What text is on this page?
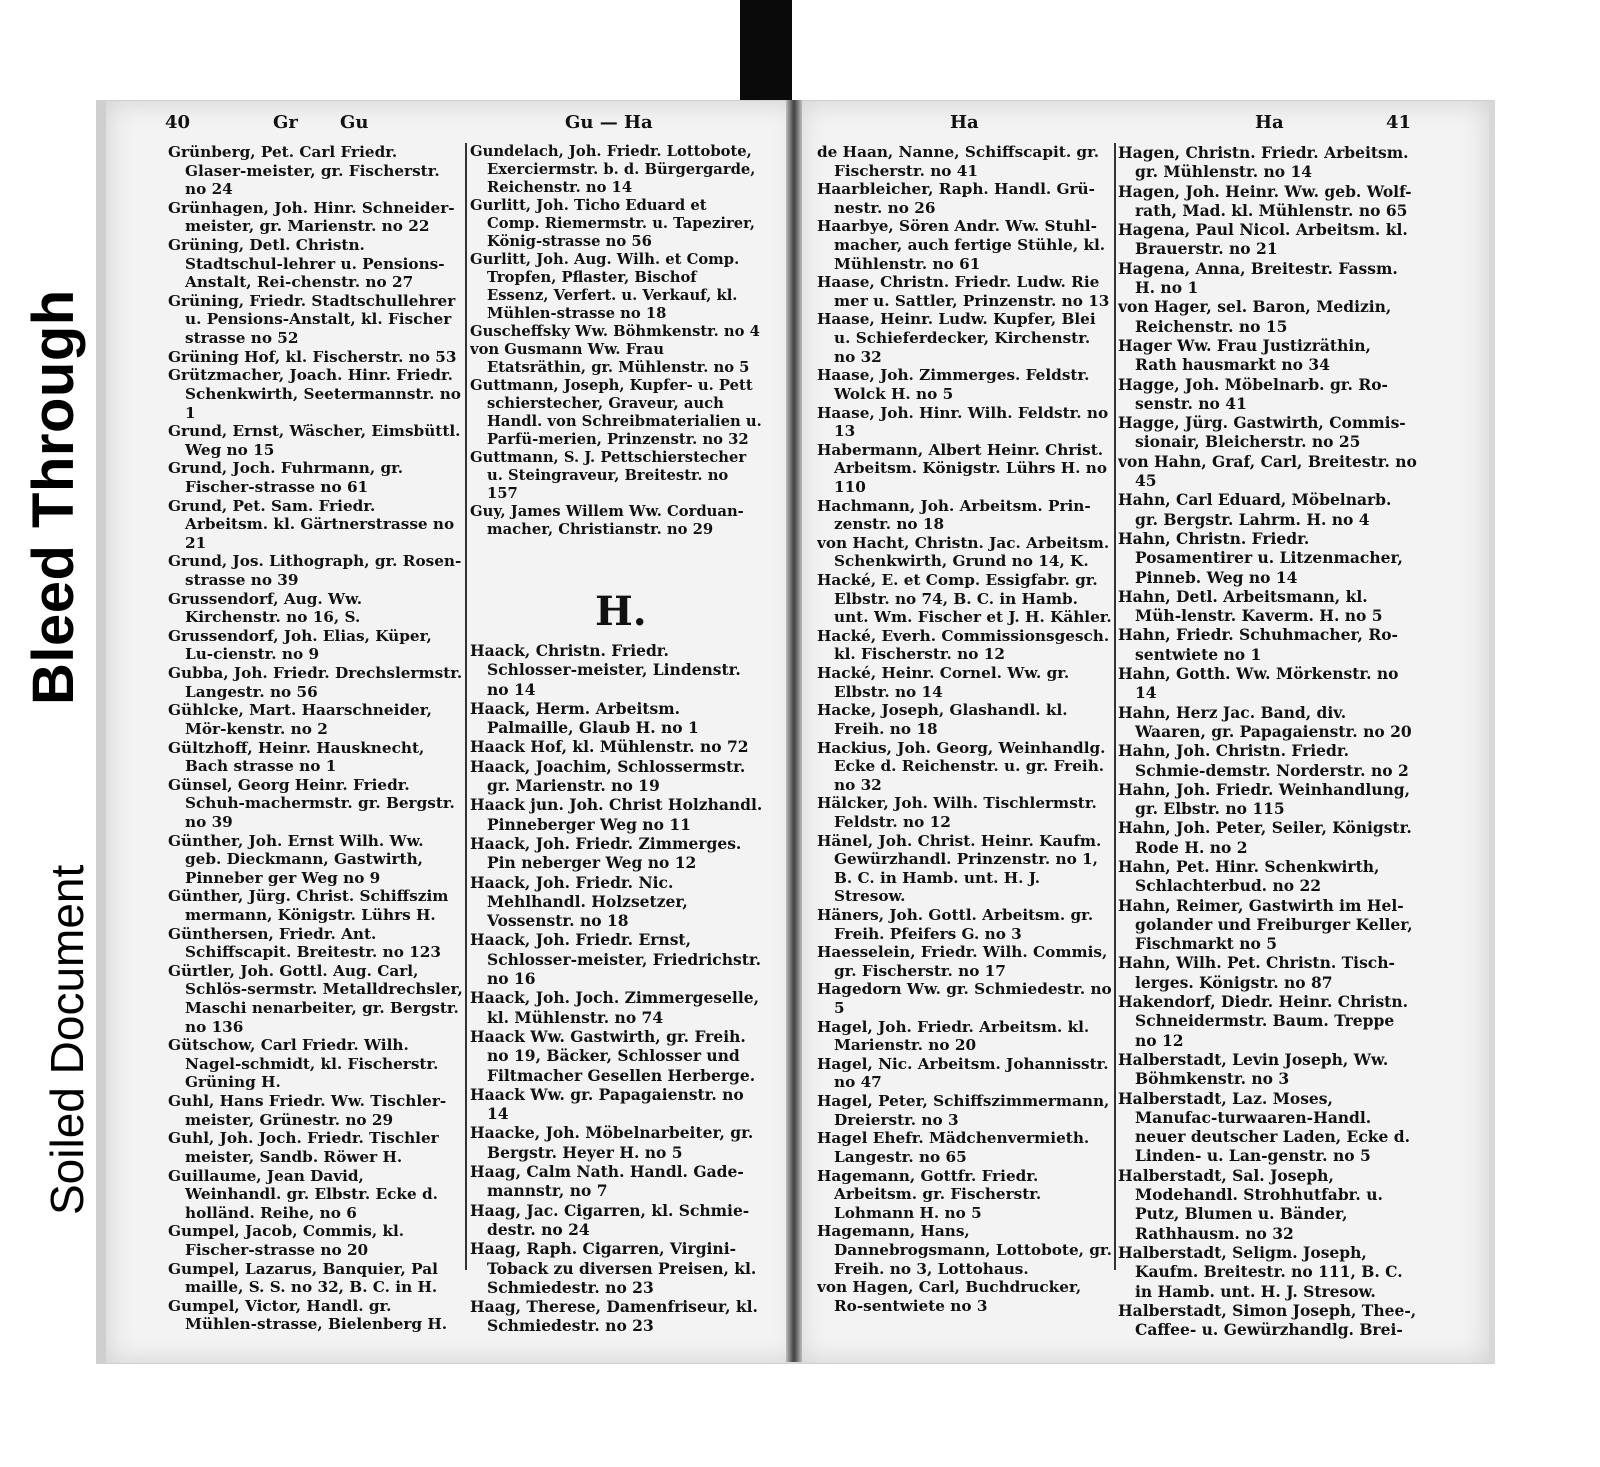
Bleed Through
Soiled Document
40	Gr Gu	Gu — Ha	Ha	Ha	41

Grünberg, Pet. Carl Friedr. Glaser-meister, gr. Fischerstr. no 24

Grünhagen, Joh. Hinr. Schneider-meister, gr. Marienstr. no 22

Grüning, Detl. Christn. Stadtschul-lehrer u. Pensions-Anstalt, Rei-chenstr. no 27

Grüning, Friedr. Stadtschullehrer u. Pensions-Anstalt, kl. Fischer strasse no 52

Grüning Hof, kl. Fischerstr. no 53

Grützmacher, Joach. Hinr. Friedr. Schenkwirth, Seetermannstr. no 1

Grund, Ernst, Wäscher, Eimsbüttl. Weg no 15

Grund, Joch. Fuhrmann, gr. Fischer-strasse no 61

Grund, Pet. Sam. Friedr. Arbeitsm. kl. Gärtnerstrasse no 21

Grund, Jos. Lithograph, gr. Rosen-strasse no 39

Grussendorf, Aug. Ww. Kirchenstr. no 16, S.

Grussendorf, Joh. Elias, Küper, Lu-cienstr. no 9

Gubba, Joh. Friedr. Drechslermstr. Langestr. no 56

Gühlcke, Mart. Haarschneider, Mör-kenstr. no 2

Gültzhoff, Heinr. Hausknecht, Bach strasse no 1

Günsel, Georg Heinr. Friedr. Schuh-machermstr. gr. Bergstr. no 39

Günther, Joh. Ernst Wilh. Ww. geb. Dieckmann, Gastwirth, Pinneber ger Weg no 9

Günther, Jürg. Christ. Schiffszim mermann, Königstr. Lührs H.

Günthersen, Friedr. Ant. Schiffscapit. Breitestr. no 123

Gürtler, Joh. Gottl. Aug. Carl, Schlös-sermstr. Metalldrechsler, Maschi nenarbeiter, gr. Bergstr. no 136

Gütschow, Carl Friedr. Wilh. Nagel-schmidt, kl. Fischerstr. Grüning H.

Guhl, Hans Friedr. Ww. Tischler-meister, Grünestr. no 29

Guhl, Joh. Joch. Friedr. Tischler meister, Sandb. Röwer H.

Guillaume, Jean David, Weinhandl. gr. Elbstr. Ecke d. holländ. Reihe, no 6

Gumpel, Jacob, Commis, kl. Fischer-strasse no 20

Gumpel, Lazarus, Banquier, Pal maille, S. S. no 32, B. C. in H.

Gumpel, Victor, Handl. gr. Mühlen-strasse, Bielenberg H.

Gundelach, Joh. Friedr. Lottobote, Exerciermstr. b. d. Bürgergarde, Reichenstr. no 14

Gurlitt, Joh. Ticho Eduard et Comp. Riemermstr. u. Tapezirer, König-strasse no 56

Gurlitt, Joh. Aug. Wilh. et Comp. Tropfen, Pflaster, Bischof Essenz, Verfert. u. Verkauf, kl. Mühlen-strasse no 18

Guscheffsky Ww. Böhmkenstr. no 4

von Gusmann Ww. Frau Etatsräthin, gr. Mühlenstr. no 5

Guttmann, Joseph, Kupfer- u. Pett schierstecher, Graveur, auch Handl. von Schreibmaterialien u. Parfü-merien, Prinzenstr. no 32

Guttmann, S. J. Pettschierstecher u. Steingraveur, Breitestr. no 157

Guy, James Willem Ww. Corduan-macher, Christianstr. no 29

H.

Haack, Christn. Friedr. Schlosser-meister, Lindenstr. no 14

Haack, Herm. Arbeitsm. Palmaille, Glaub H. no 1

Haack Hof, kl. Mühlenstr. no 72

Haack, Joachim, Schlossermstr. gr. Marienstr. no 19

Haack jun. Joh. Christ Holzhandl. Pinneberger Weg no 11

Haack, Joh. Friedr. Zimmerges. Pin neberger Weg no 12

Haack, Joh. Friedr. Nic. Mehlhandl. Holzsetzer, Vossenstr. no 18

Haack, Joh. Friedr. Ernst, Schlosser-meister, Friedrichstr. no 16

Haack, Joh. Joch. Zimmergeselle, kl. Mühlenstr. no 74

Haack Ww. Gastwirth, gr. Freih. no 19, Bäcker, Schlosser und Filtmacher Gesellen Herberge.

Haack Ww. gr. Papagaienstr. no 14

Haacke, Joh. Möbelnarbeiter, gr. Bergstr. Heyer H. no 5

Haag, Calm Nath. Handl. Gade-mannstr, no 7

Haag, Jac. Cigarren, kl. Schmie-destr. no 24

Haag, Raph. Cigarren, Virgini-Toback zu diversen Preisen, kl. Schmiedestr. no 23

Haag, Therese, Damenfriseur, kl. Schmiedestr. no 23

de Haan, Nanne, Schiffscapit. gr. Fischerstr. no 41

Haarbleicher, Raph. Handl. Grü-nestr. no 26

Haarbye, Sören Andr. Ww. Stuhl-macher, auch fertige Stühle, kl. Mühlenstr. no 61

Haase, Christn. Friedr. Ludw. Rie mer u. Sattler, Prinzenstr. no 13

Haase, Heinr. Ludw. Kupfer, Blei u. Schieferdecker, Kirchenstr. no 32

Haase, Joh. Zimmerges. Feldstr. Wolck H. no 5

Haase, Joh. Hinr. Wilh. Feldstr. no 13

Habermann, Albert Heinr. Christ. Arbeitsm. Königstr. Lührs H. no 110

Hachmann, Joh. Arbeitsm. Prin-zenstr. no 18

von Hacht, Christn. Jac. Arbeitsm. Schenkwirth, Grund no 14, K.

Hacké, E. et Comp. Essigfabr. gr. Elbstr. no 74, B. C. in Hamb. unt. Wm. Fischer et J. H. Kähler.

Hacké, Everh. Commissionsgesch. kl. Fischerstr. no 12

Hacké, Heinr. Cornel. Ww. gr. Elbstr. no 14

Hacke, Joseph, Glashandl. kl. Freih. no 18

Hackius, Joh. Georg, Weinhandlg. Ecke d. Reichenstr. u. gr. Freih. no 32

Hälcker, Joh. Wilh. Tischlermstr. Feldstr. no 12

Hänel, Joh. Christ. Heinr. Kaufm. Gewürzhandl. Prinzenstr. no 1, B. C. in Hamb. unt. H. J. Stresow.

Häners, Joh. Gottl. Arbeitsm. gr. Freih. Pfeifers G. no 3

Haesselein, Friedr. Wilh. Commis, gr. Fischerstr. no 17

Hagedorn Ww. gr. Schmiedestr. no 5

Hagel, Joh. Friedr. Arbeitsm. kl. Marienstr. no 20

Hagel, Nic. Arbeitsm. Johannisstr. no 47

Hagel, Peter, Schiffszimmermann, Dreierstr. no 3

Hagel Ehefr. Mädchenvermieth. Langestr. no 65

Hagemann, Gottfr. Friedr. Arbeitsm. gr. Fischerstr. Lohmann H. no 5

Hagemann, Hans, Dannebrogsmann, Lottobote, gr. Freih. no 3, Lottohaus.

von Hagen, Carl, Buchdrucker, Ro-sentwiete no 3

Hagen, Christn. Friedr. Arbeitsm. gr. Mühlenstr. no 14

Hagen, Joh. Heinr. Ww. geb. Wolf-rath, Mad. kl. Mühlenstr. no 65

Hagena, Paul Nicol. Arbeitsm. kl. Brauerstr. no 21

Hagena, Anna, Breitestr. Fassm. H. no 1

von Hager, sel. Baron, Medizin, Reichenstr. no 15

Hager Ww. Frau Justizräthin, Rath hausmarkt no 34

Hagge, Joh. Möbelnarb. gr. Ro-senstr. no 41

Hagge, Jürg. Gastwirth, Commis-sionair, Bleicherstr. no 25

von Hahn, Graf, Carl, Breitestr. no 45

Hahn, Carl Eduard, Möbelnarb. gr. Bergstr. Lahrm. H. no 4

Hahn, Christn. Friedr. Posamentirer u. Litzenmacher, Pinneb. Weg no 14

Hahn, Detl. Arbeitsmann, kl. Müh-lenstr. Kaverm. H. no 5

Hahn, Friedr. Schuhmacher, Ro-sentwiete no 1

Hahn, Gotth. Ww. Mörkenstr. no 14

Hahn, Herz Jac. Band, div. Waaren, gr. Papagaienstr. no 20

Hahn, Joh. Christn. Friedr. Schmie-demstr. Norderstr. no 2

Hahn, Joh. Friedr. Weinhandlung, gr. Elbstr. no 115

Hahn, Joh. Peter, Seiler, Königstr. Rode H. no 2

Hahn, Pet. Hinr. Schenkwirth, Schlachterbud. no 22

Hahn, Reimer, Gastwirth im Hel-golander und Freiburger Keller, Fischmarkt no 5

Hahn, Wilh. Pet. Christn. Tisch-lerges. Königstr. no 87

Hakendorf, Diedr. Heinr. Christn. Schneidermstr. Baum. Treppe no 12

Halberstadt, Levin Joseph, Ww. Böhmkenstr. no 3

Halberstadt, Laz. Moses, Manufac-turwaaren-Handl. neuer deutscher Laden, Ecke d. Linden- u. Lan-genstr. no 5

Halberstadt, Sal. Joseph, Modehandl. Strohhutfabr. u. Putz, Blumen u. Bänder, Rathhausm. no 32

Halberstadt, Seligm. Joseph, Kaufm. Breitestr. no 111, B. C. in Hamb. unt. H. J. Stresow.

Halberstadt, Simon Joseph, Thee-, Caffee- u. Gewürzhandlg. Brei-
